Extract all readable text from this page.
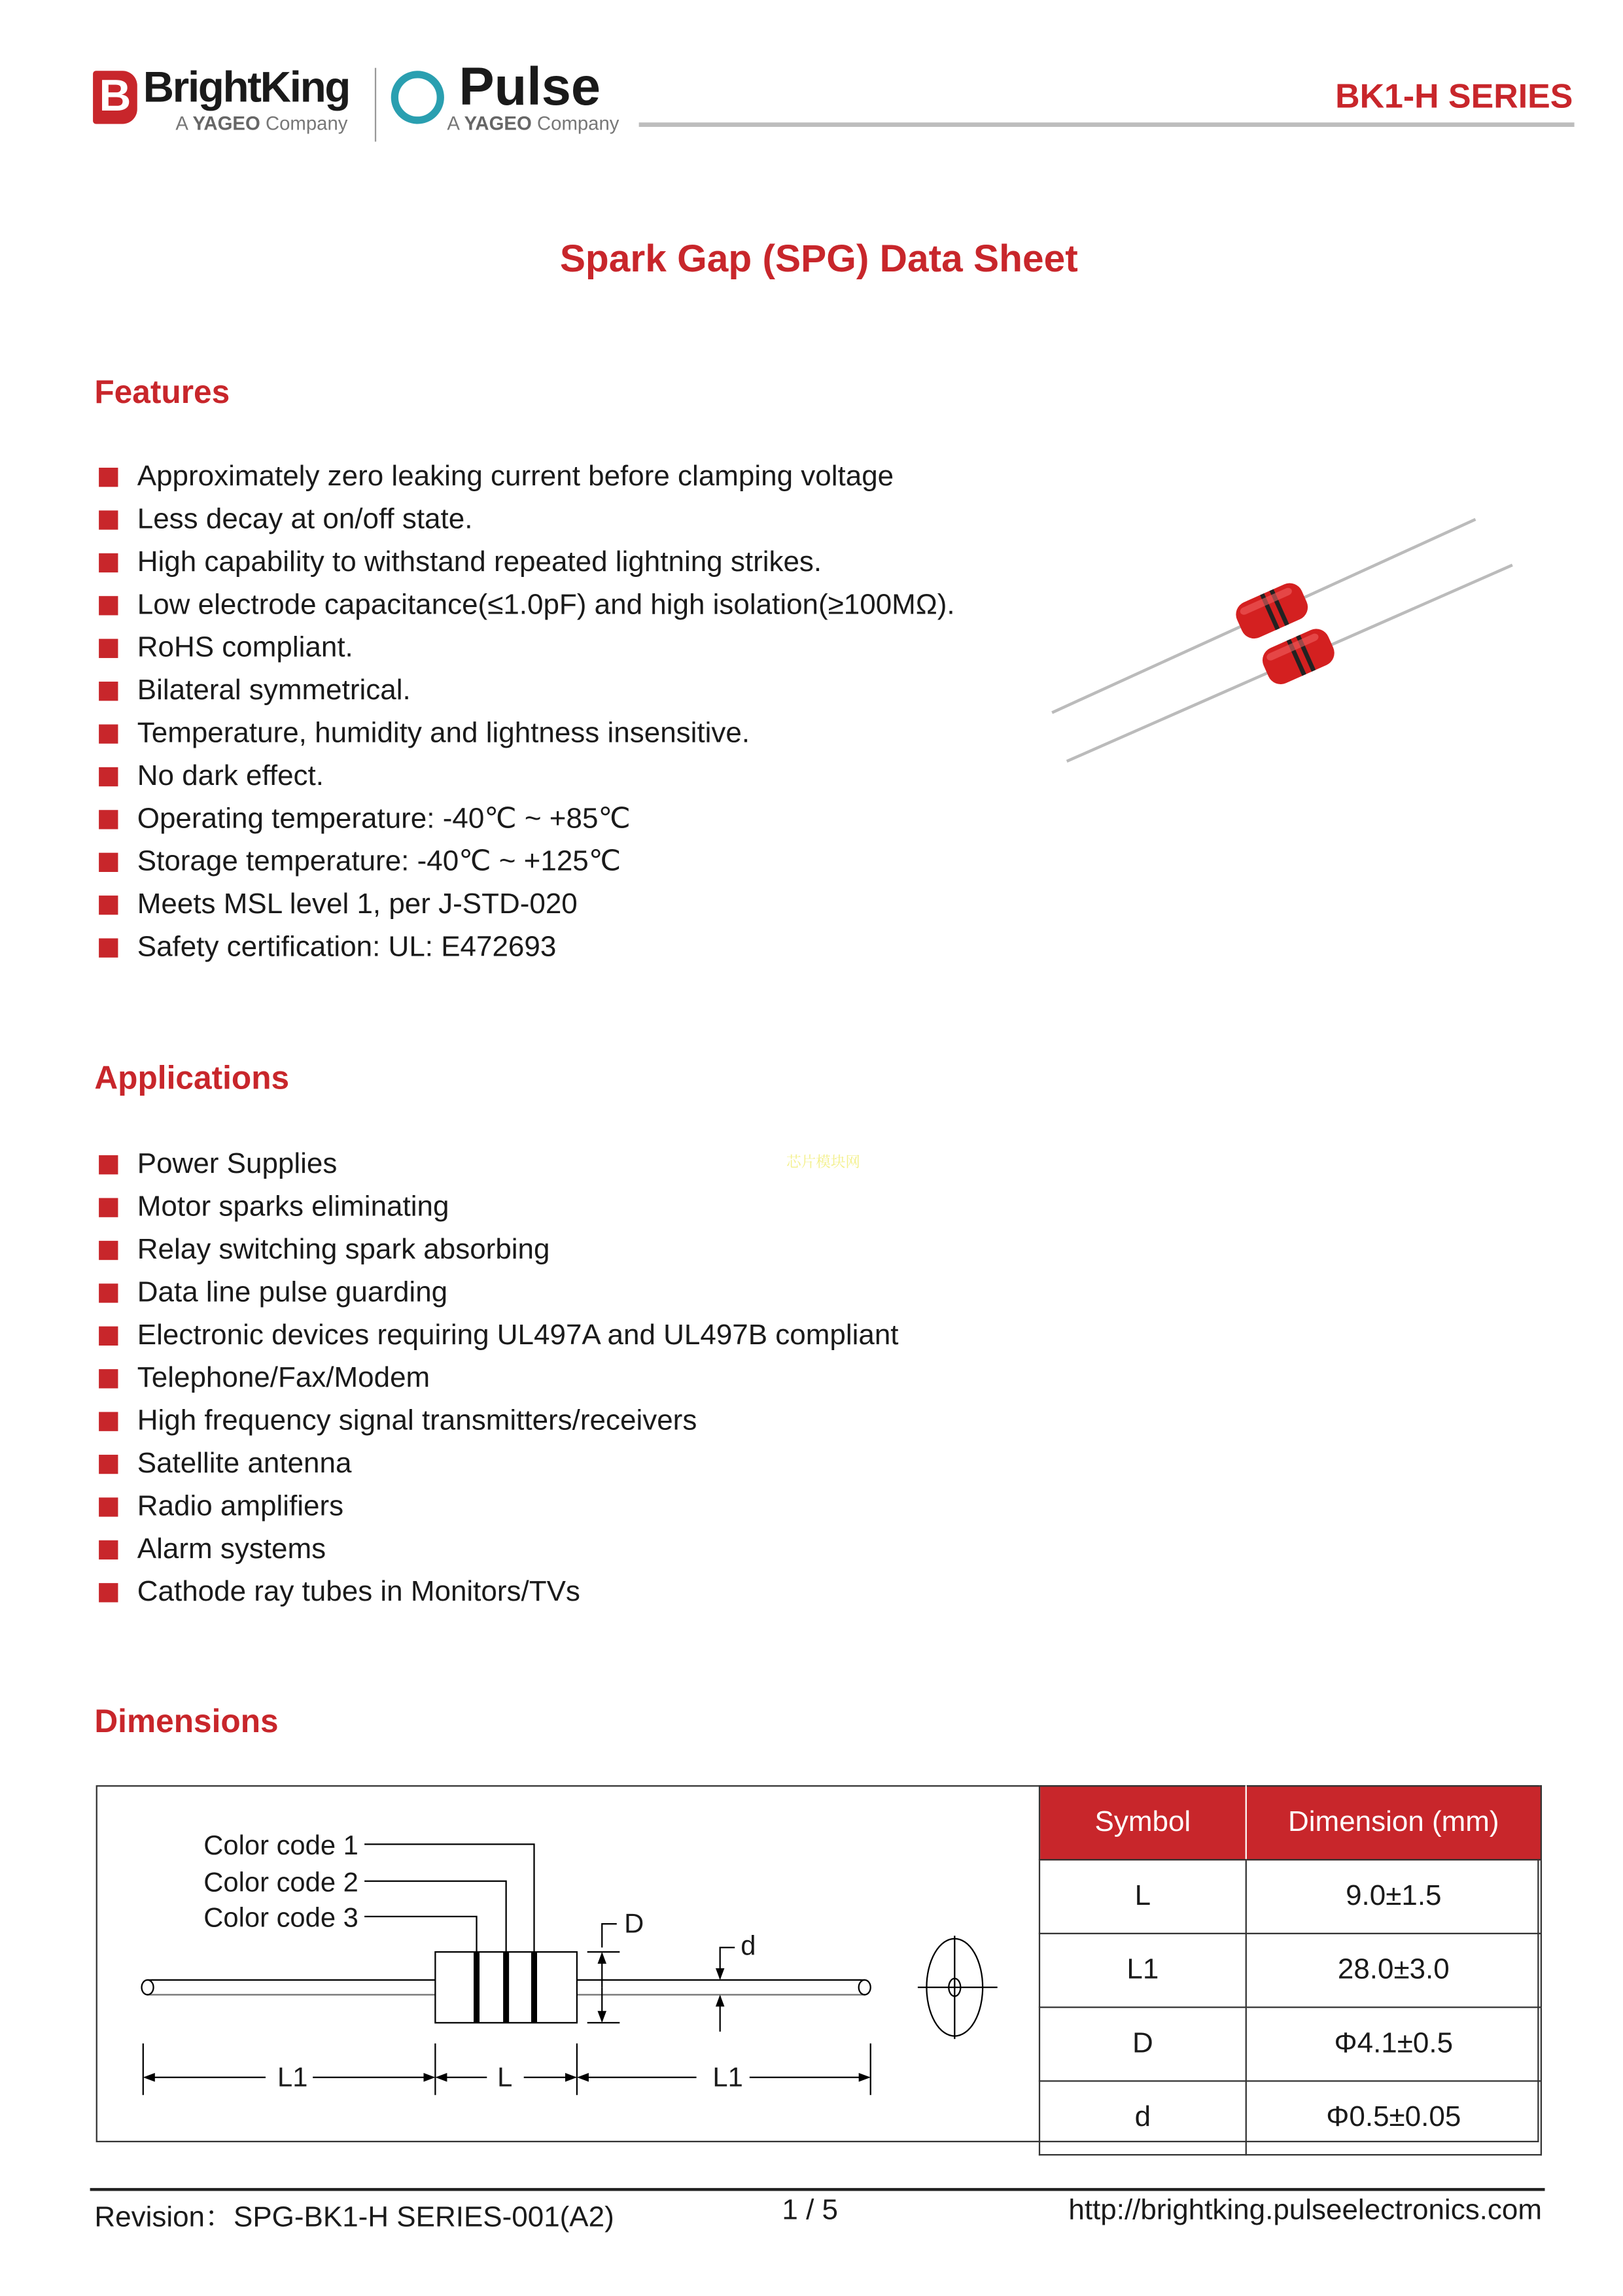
B BrightKing
A YAGEO Company
Pulse
A YAGEO Company
BK1-H SERIES
Spark Gap (SPG) Data Sheet
Features
Approximately zero leaking current before clamping voltage
Less decay at on/off state.
High capability to withstand repeated lightning strikes.
Low electrode capacitance(≤1.0pF) and high isolation(≥100MΩ).
RoHS compliant.
Bilateral symmetrical.
Temperature, humidity and lightness insensitive.
No dark effect.
Operating temperature: -40℃ ~ +85℃
Storage temperature: -40℃ ~ +125℃
Meets MSL level 1, per J-STD-020
Safety certification: UL: E472693
Applications
Power Supplies
Motor sparks eliminating
Relay switching spark absorbing
Data line pulse guarding
Electronic devices requiring UL497A and UL497B compliant
Telephone/Fax/Modem
High frequency signal transmitters/receivers
Satellite antenna
Radio amplifiers
Alarm systems
Cathode ray tubes in Monitors/TVs
芯片模块网
Dimensions
Color code 1
Color code 2
Color code 3	D
d
L1	L	L1
Symbol	Dimension (mm)
L	9.0±1.5
L1	28.0±3.0
D	Φ4.1±0.5
d	Φ0.5±0.05
Revision：SPG-BK1-H SERIES-001(A2)	1 / 5	http://brightking.pulseelectronics.com
